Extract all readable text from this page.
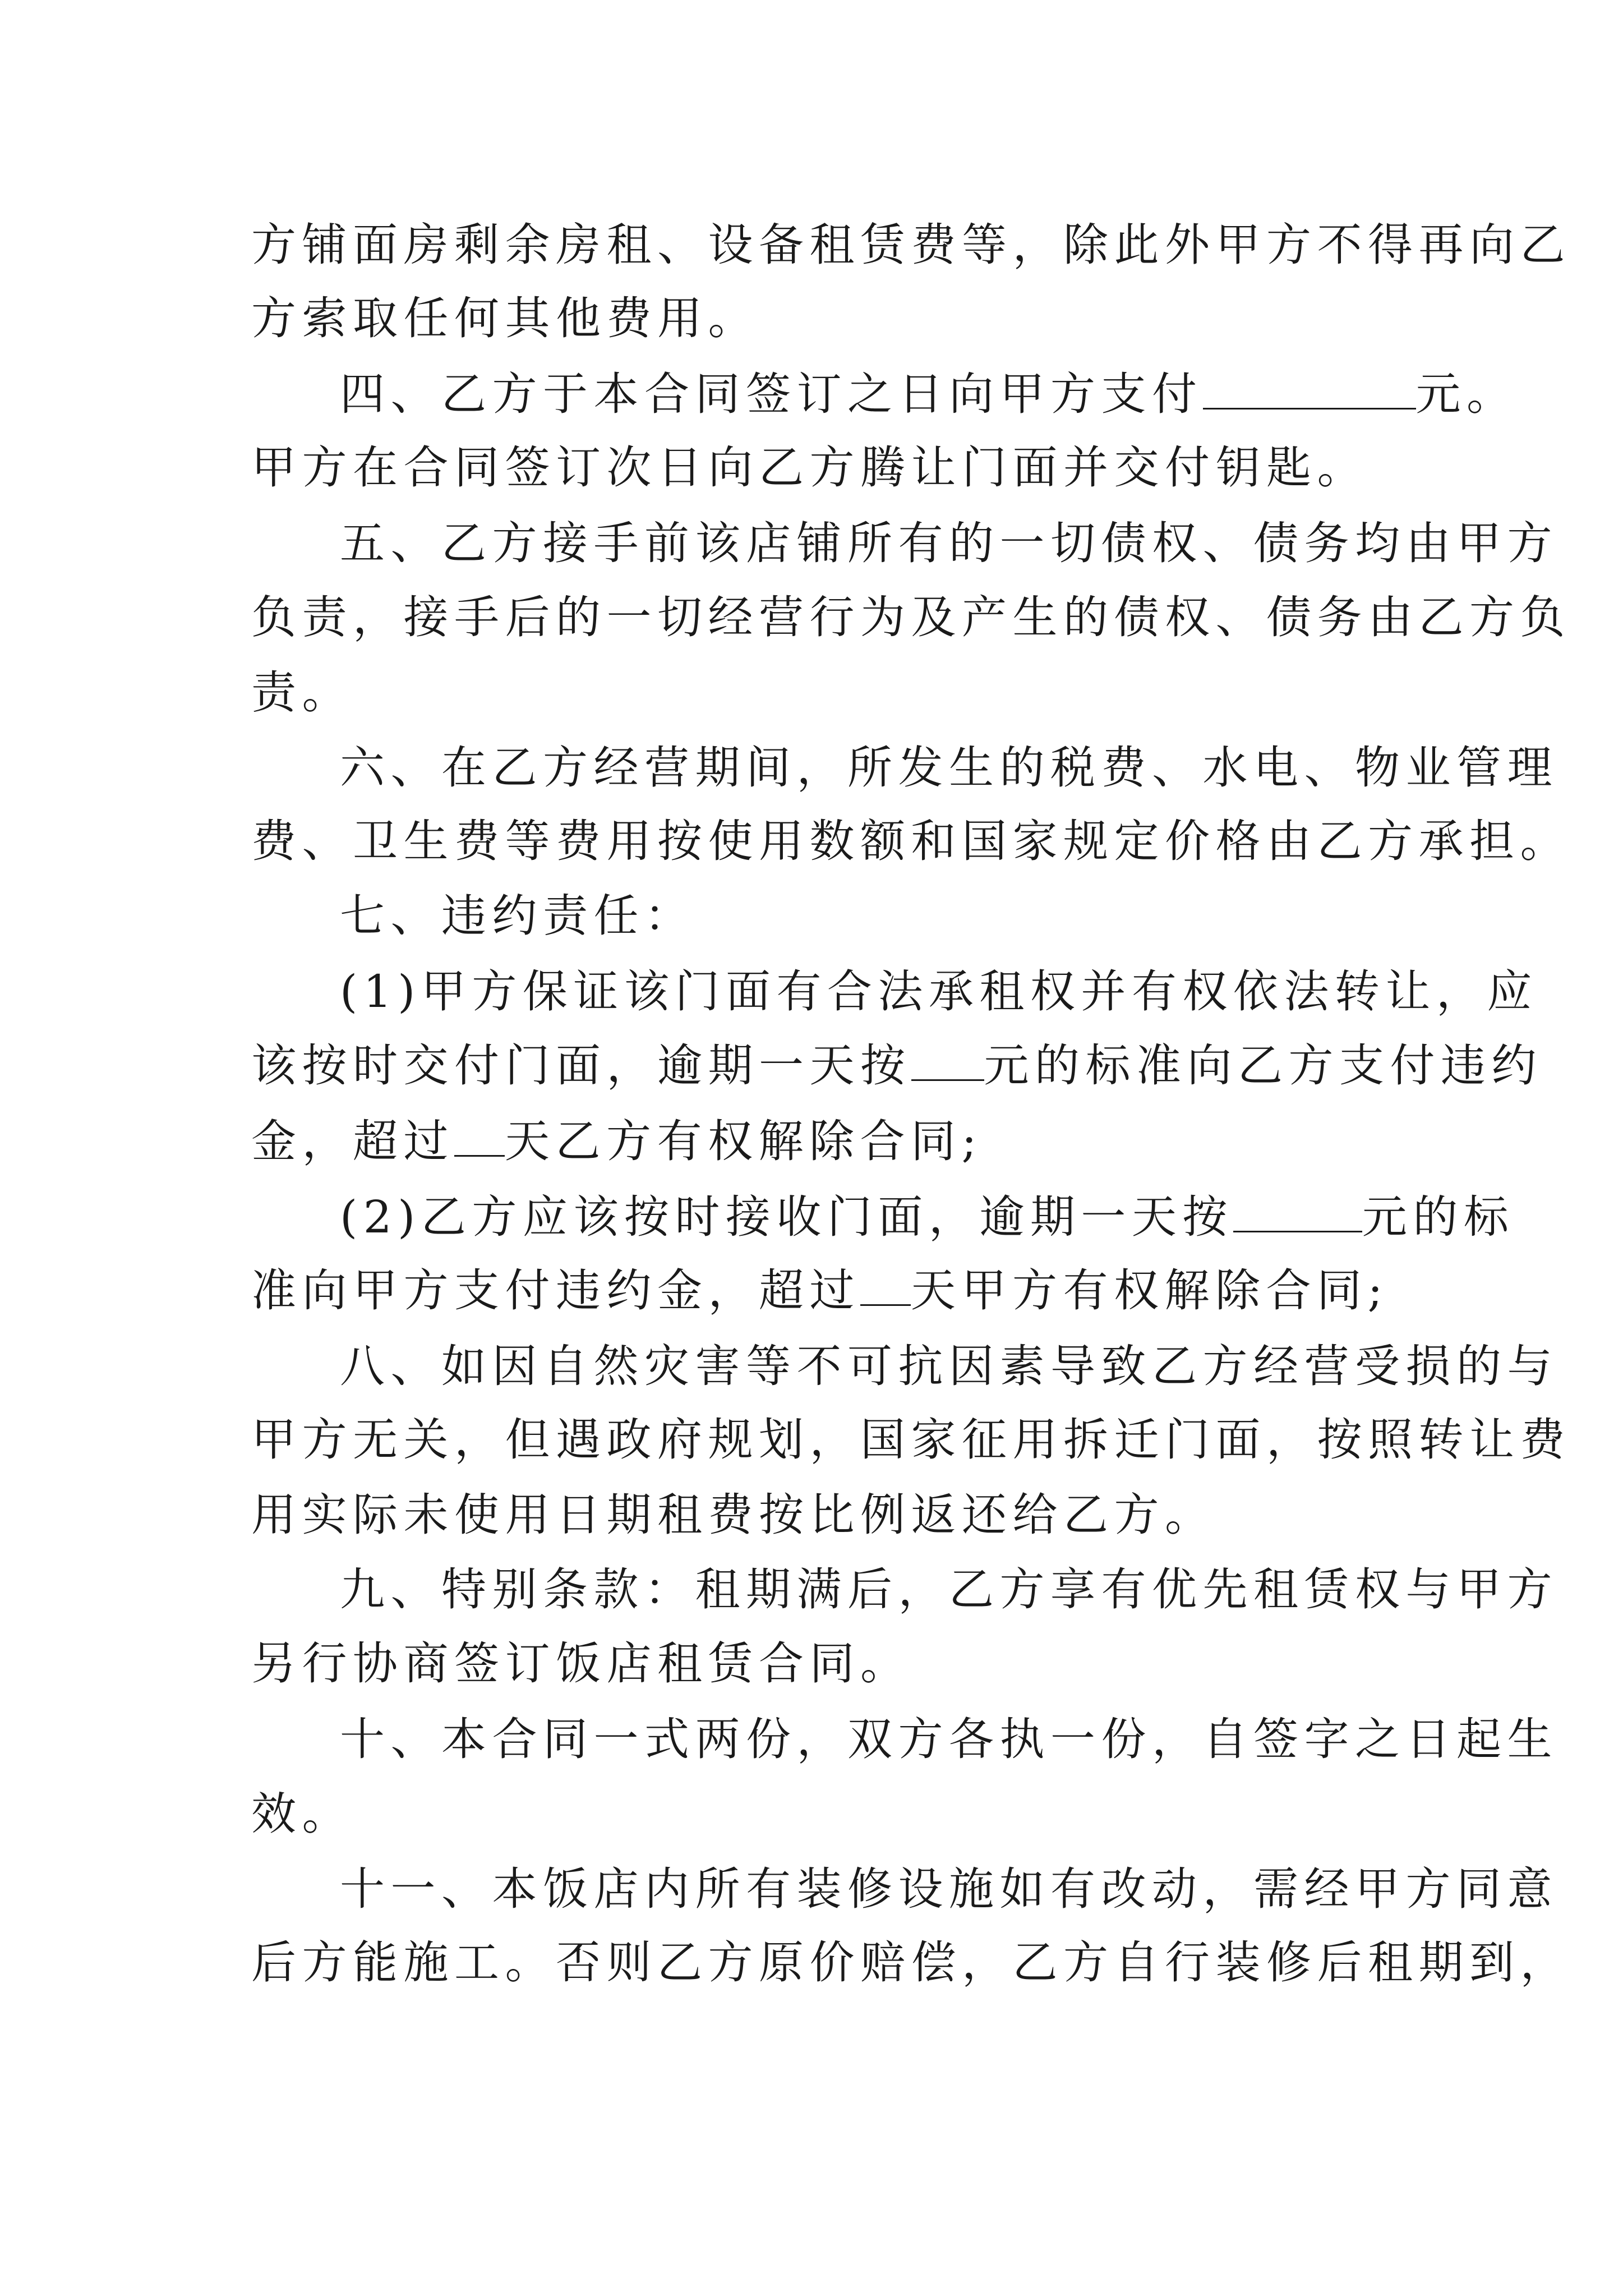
方铺面房剩余房租、设备租赁费等，除此外甲方不得再向乙
方索取任何其他费用。
四、乙方于本合同签订之日向甲方支付	元。
甲方在合同签订次日向乙方腾让门面并交付钥匙。
五、乙方接手前该店铺所有的一切债权、债务均由甲方
负责，接手后的一切经营行为及产生的债权、债务由乙方负
责。
六、在乙方经营期间，所发生的税费、水电、物业管理
费、卫生费等费用按使用数额和国家规定价格由乙方承担。
七、违约责任：
(1)甲方保证该门面有合法承租权并有权依法转让，应
该按时交付门面，逾期一天按 元的标准向乙方支付违约
金，超过 天乙方有权解除合同;
(2)乙方应该按时接收门面，逾期一天按	元的标
准向甲方支付违约金，超过 天甲方有权解除合同;
八、如因自然灾害等不可抗因素导致乙方经营受损的与
甲方无关，但遇政府规划，国家征用拆迁门面，按照转让费
用实际未使用日期租费按比例返还给乙方。
九、特别条款：租期满后，乙方享有优先租赁权与甲方
另行协商签订饭店租赁合同。
十、本合同一式两份，双方各执一份，自签字之日起生
效。
十一、本饭店内所有装修设施如有改动，需经甲方同意
后方能施工。否则乙方原价赔偿，乙方自行装修后租期到，
